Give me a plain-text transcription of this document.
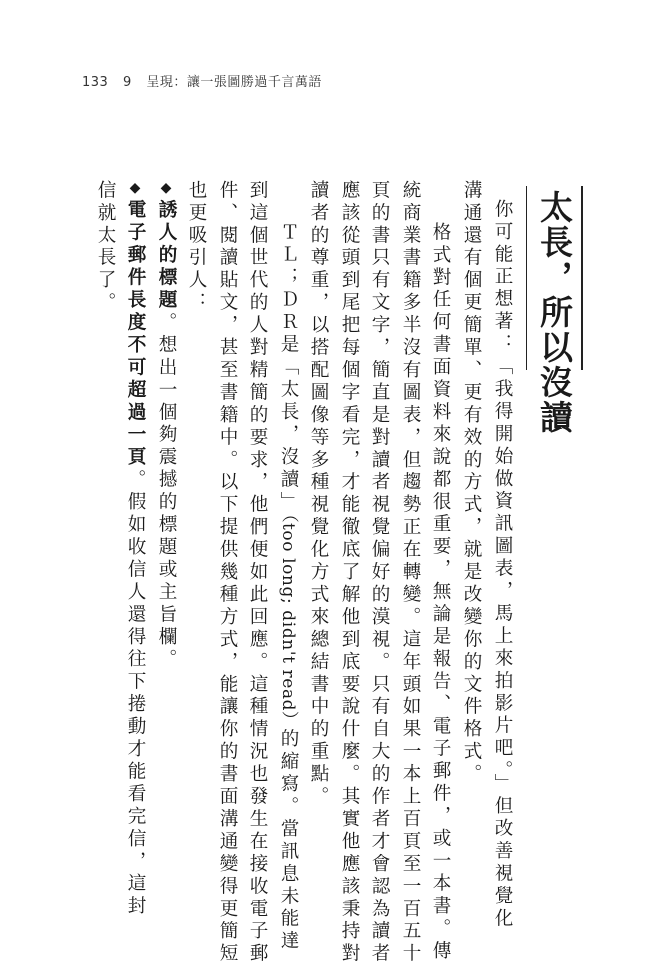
133 9 呈現：讓一張圖勝過千言萬語
太長，所以沒讀
你可能正想著：「我得開始做資訊圖表，馬上來拍影片吧。」但改善視覺化
溝通還有個更簡單、更有效的方式，就是改變你的文件格式。
格式對任何書面資料來說都很重要，無論是報告、電子郵件，或一本書。傳
統商業書籍多半沒有圖表，但趨勢正在轉變。這年頭如果一本上百頁至一百五十
頁的書只有文字，簡直是對讀者視覺偏好的漠視。只有自大的作者才會認為讀者
應該從頭到尾把每個字看完，才能徹底了解他到底要說什麼。其實他應該秉持對
讀者的尊重，以搭配圖像等多種視覺化方式來總結書中的重點。
ＴＬ；ＤＲ是「太長，沒讀」（too long; didn't read）的縮寫。當訊息未能達
到這個世代的人對精簡的要求，他們便如此回應。這種情況也發生在接收電子郵
件、閱讀貼文，甚至書籍中。以下提供幾種方式，能讓你的書面溝通變得更簡短
也更吸引人：
◆誘人的標題。想出一個夠震撼的標題或主旨欄。
◆電子郵件長度不可超過一頁。假如收信人還得往下捲動才能看完信，這封
信就太長了。
